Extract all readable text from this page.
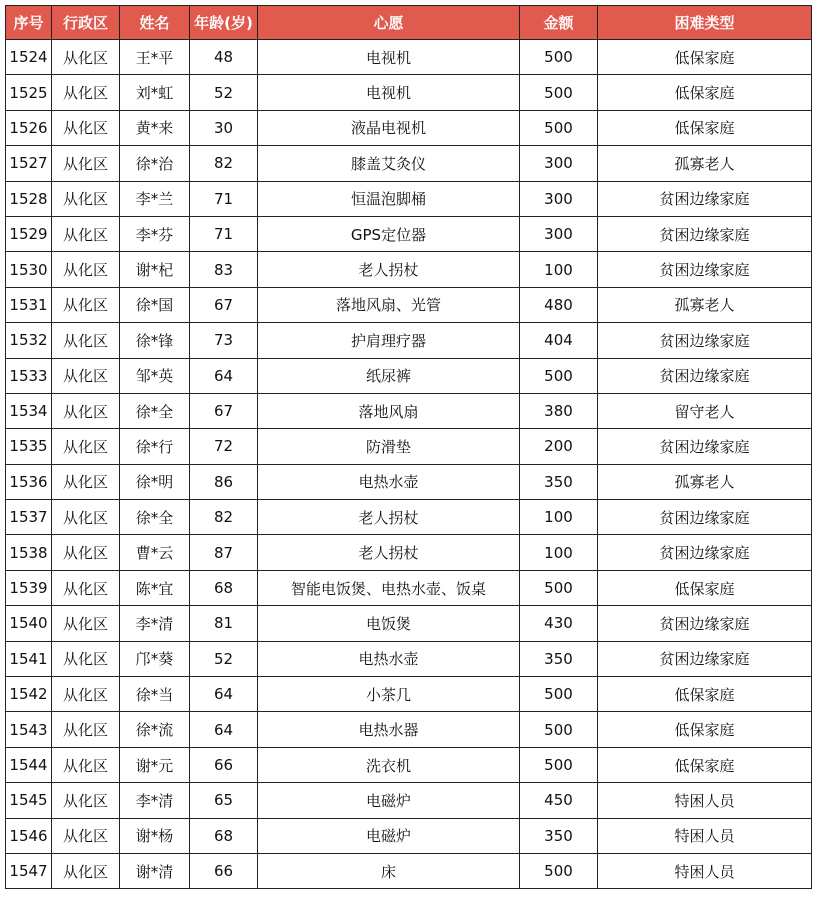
序号	行政区	姓名	年龄(岁)	心愿	金额	困难类型
1524	从化区	王*平	48	电视机	500	低保家庭
1525	从化区	刘*虹	52	电视机	500	低保家庭
1526	从化区	黄*来	30	液晶电视机	500	低保家庭
1527	从化区	徐*治	82	膝盖艾灸仪	300	孤寡老人
1528	从化区	李*兰	71	恒温泡脚桶	300	贫困边缘家庭
1529	从化区	李*芬	71	GPS定位器	300	贫困边缘家庭
1530	从化区	谢*杞	83	老人拐杖	100	贫困边缘家庭
1531	从化区	徐*国	67	落地风扇、光管	480	孤寡老人
1532	从化区	徐*锋	73	护肩理疗器	404	贫困边缘家庭
1533	从化区	邹*英	64	纸尿裤	500	贫困边缘家庭
1534	从化区	徐*全	67	落地风扇	380	留守老人
1535	从化区	徐*行	72	防滑垫	200	贫困边缘家庭
1536	从化区	徐*明	86	电热水壶	350	孤寡老人
1537	从化区	徐*全	82	老人拐杖	100	贫困边缘家庭
1538	从化区	曹*云	87	老人拐杖	100	贫困边缘家庭
1539	从化区	陈*宜	68	智能电饭煲、电热水壶、饭桌	500	低保家庭
1540	从化区	李*清	81	电饭煲	430	贫困边缘家庭
1541	从化区	邝*葵	52	电热水壶	350	贫困边缘家庭
1542	从化区	徐*当	64	小茶几	500	低保家庭
1543	从化区	徐*流	64	电热水器	500	低保家庭
1544	从化区	谢*元	66	洗衣机	500	低保家庭
1545	从化区	李*清	65	电磁炉	450	特困人员
1546	从化区	谢*杨	68	电磁炉	350	特困人员
1547	从化区	谢*清	66	床	500	特困人员
